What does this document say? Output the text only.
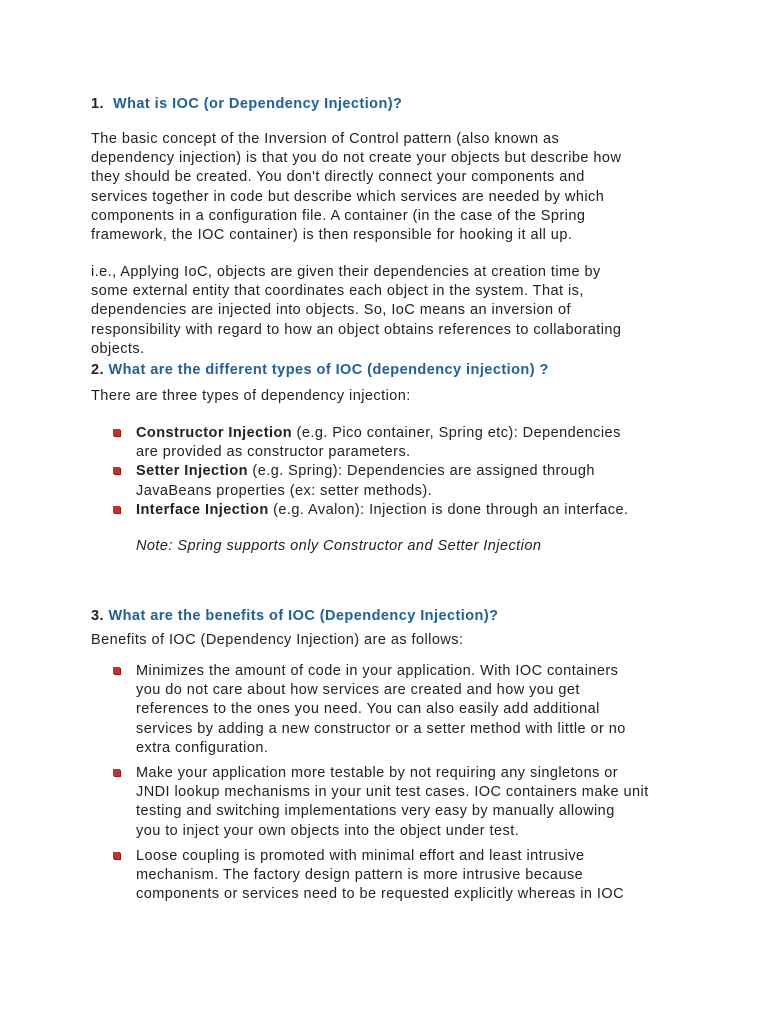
1. What is IOC (or Dependency Injection)?
The basic concept of the Inversion of Control pattern (also known as
dependency injection) is that you do not create your objects but describe how
they should be created. You don't directly connect your components and
services together in code but describe which services are needed by which
components in a configuration file. A container (in the case of the Spring
framework, the IOC container) is then responsible for hooking it all up.
i.e., Applying IoC, objects are given their dependencies at creation time by
some external entity that coordinates each object in the system. That is,
dependencies are injected into objects. So, IoC means an inversion of
responsibility with regard to how an object obtains references to collaborating
objects.
2. What are the different types of IOC (dependency injection) ?
There are three types of dependency injection:
Constructor Injection (e.g. Pico container, Spring etc): Dependencies
are provided as constructor parameters.
Setter Injection (e.g. Spring): Dependencies are assigned through
JavaBeans properties (ex: setter methods).
Interface Injection (e.g. Avalon): Injection is done through an interface.
Note: Spring supports only Constructor and Setter Injection
3. What are the benefits of IOC (Dependency Injection)?
Benefits of IOC (Dependency Injection) are as follows:
Minimizes the amount of code in your application. With IOC containers
you do not care about how services are created and how you get
references to the ones you need. You can also easily add additional
services by adding a new constructor or a setter method with little or no
extra configuration.
Make your application more testable by not requiring any singletons or
JNDI lookup mechanisms in your unit test cases. IOC containers make unit
testing and switching implementations very easy by manually allowing
you to inject your own objects into the object under test.
Loose coupling is promoted with minimal effort and least intrusive
mechanism. The factory design pattern is more intrusive because
components or services need to be requested explicitly whereas in IOC
